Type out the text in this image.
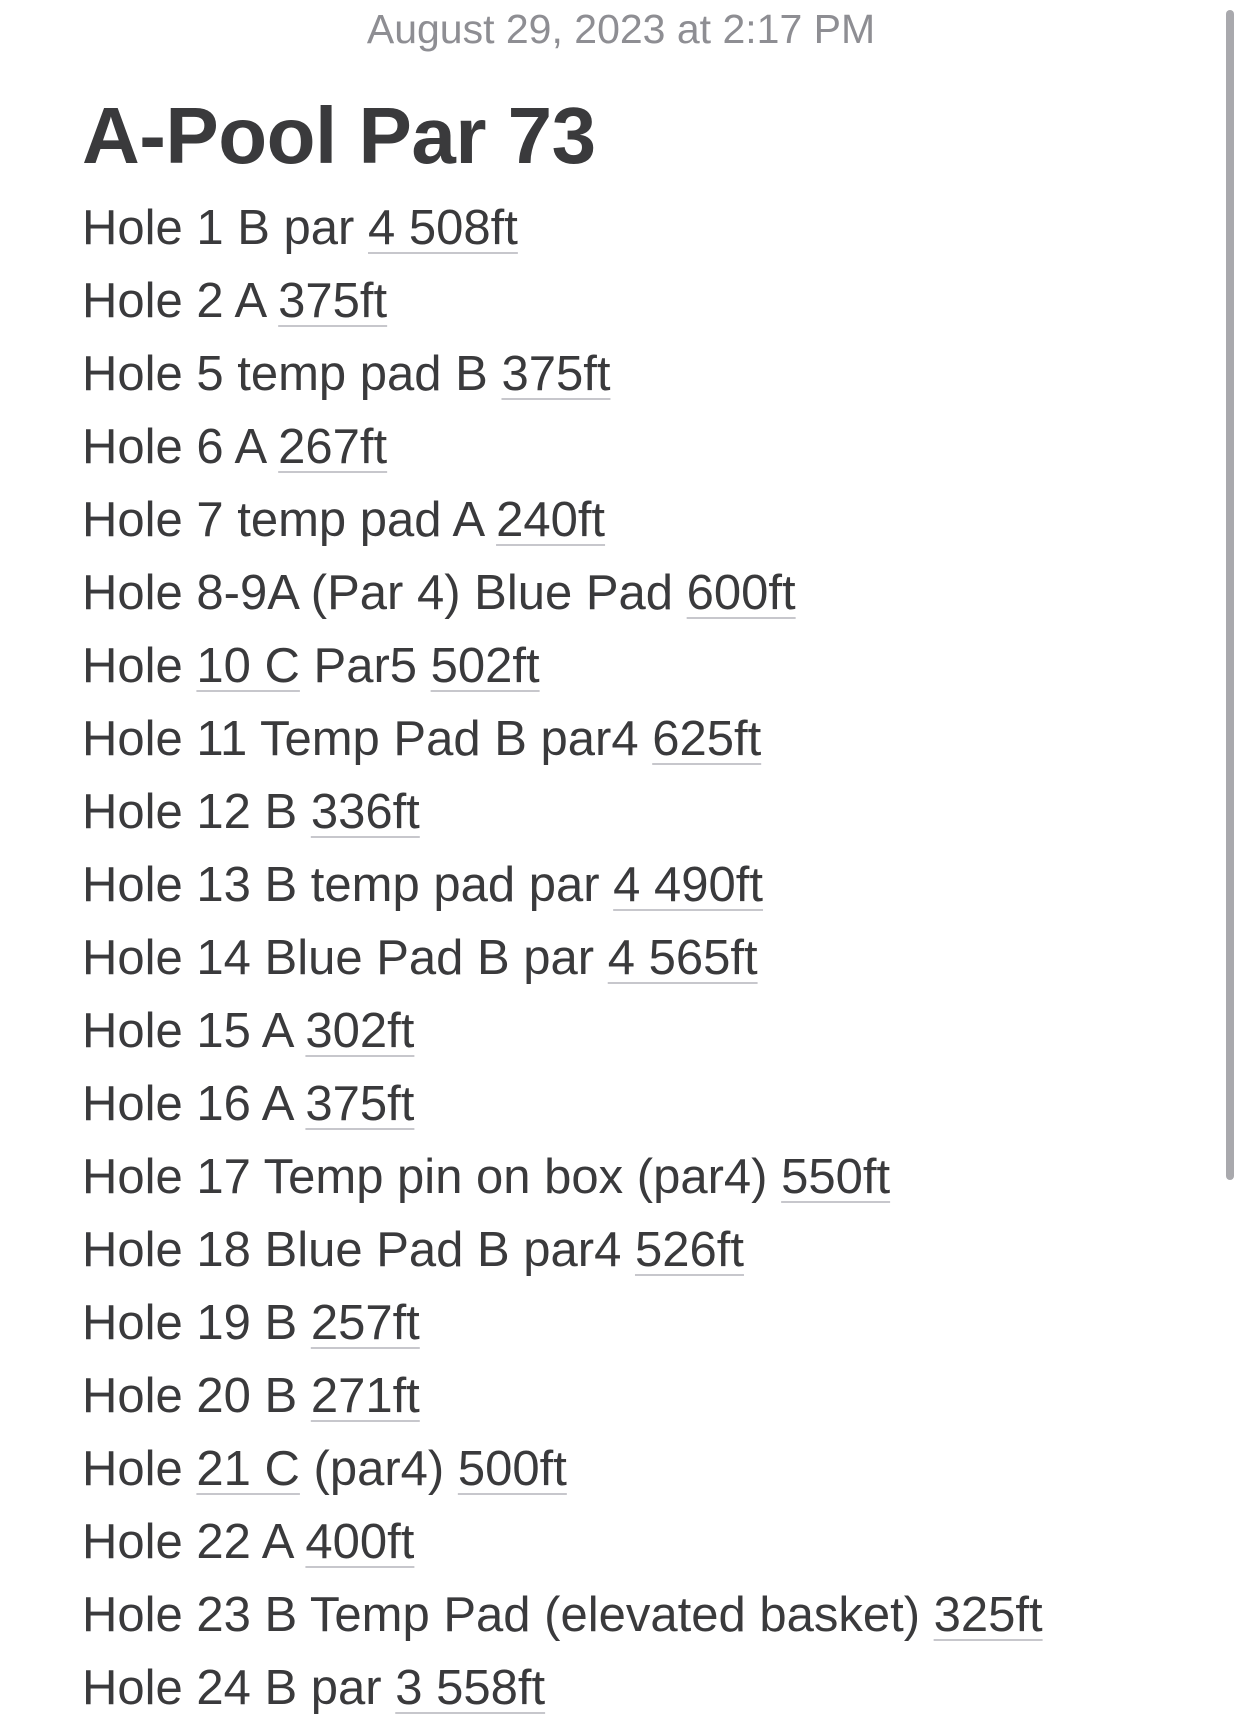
August 29, 2023 at 2:17 PM
A-Pool Par 73
Hole 1 B par 4 508ft
Hole 2 A 375ft
Hole 5 temp pad B 375ft
Hole 6 A 267ft
Hole 7 temp pad A 240ft
Hole 8-9A (Par 4) Blue Pad 600ft
Hole 10 C Par5 502ft
Hole 11 Temp Pad B par4 625ft
Hole 12 B 336ft
Hole 13 B temp pad par 4 490ft
Hole 14 Blue Pad B par 4 565ft
Hole 15 A 302ft
Hole 16 A 375ft
Hole 17 Temp pin on box (par4) 550ft
Hole 18 Blue Pad B par4 526ft
Hole 19 B 257ft
Hole 20 B 271ft
Hole 21 C (par4) 500ft
Hole 22 A 400ft
Hole 23 B Temp Pad (elevated basket) 325ft
Hole 24 B par 3 558ft
